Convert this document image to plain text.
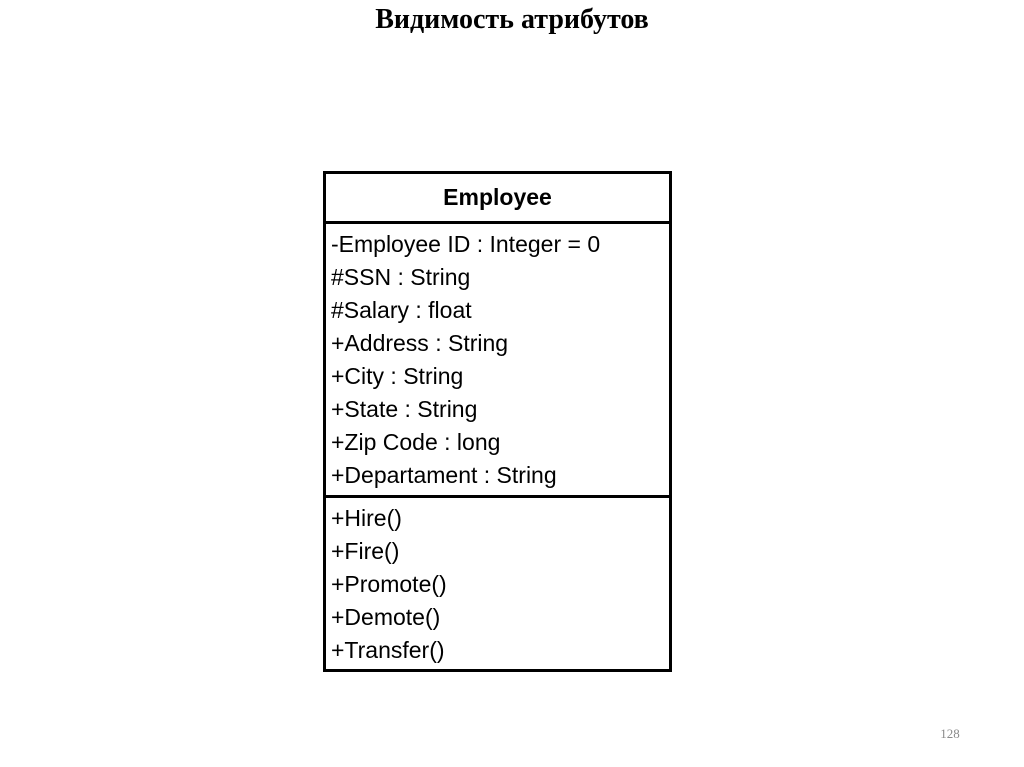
Видимость атрибутов
Employee
-Employee ID : Integer = 0
#SSN : String
#Salary : float
+Address : String
+City : String
+State : String
+Zip Code : long
+Departament : String
+Hire()
+Fire()
+Promote()
+Demote()
+Transfer()
128
